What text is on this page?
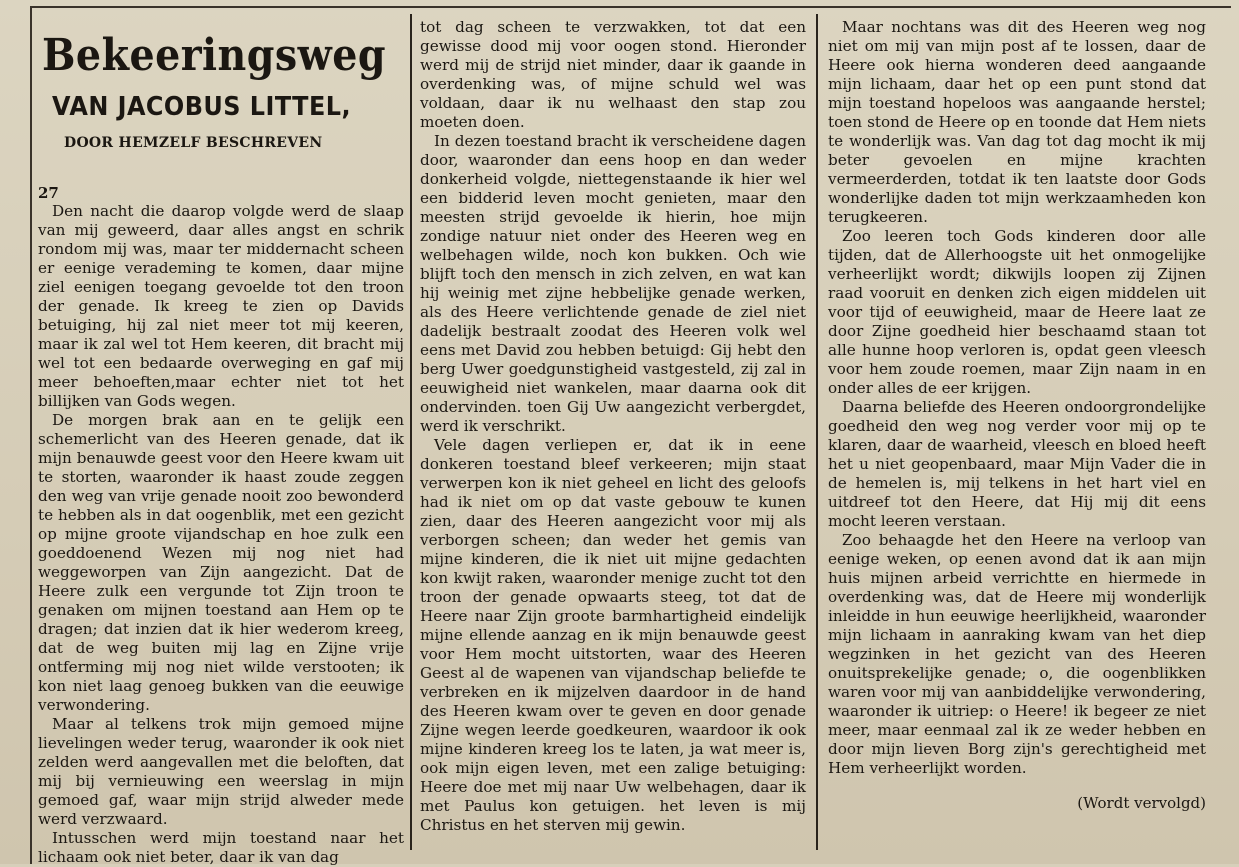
Bekeeringsweg
VAN JACOBUS LITTEL,
DOOR HEMZELF BESCHREVEN
27

Den nacht die daarop volgde werd de slaap van mij geweerd, daar alles angst en schrik rondom mij was, maar ter middernacht scheen er eenige verademing te komen, daar mijne ziel eenigen toegang gevoelde tot den troon der genade. Ik kreeg te zien op Davids betuiging, hij zal niet meer tot mij keeren, maar ik zal wel tot Hem keeren, dit bracht mij wel tot een bedaarde overweging en gaf mij meer behoeften,maar echter niet tot het billijken van Gods wegen.

De morgen brak aan en te gelijk een schemerlicht van des Heeren genade, dat ik mijn benauwde geest voor den Heere kwam uit te storten, waaronder ik haast zoude zeggen den weg van vrije genade nooit zoo bewonderd te hebben als in dat oogenblik, met een gezicht op mijne groote vijandschap en hoe zulk een goeddoenend Wezen mij nog niet had weggeworpen van Zijn aangezicht. Dat de Heere zulk een vergunde tot Zijn troon te genaken om mijnen toestand aan Hem op te dragen; dat inzien dat ik hier wederom kreeg, dat de weg buiten mij lag en Zijne vrije ontferming mij nog niet wilde verstooten; ik kon niet laag genoeg bukken van die eeuwige verwondering.

Maar al telkens trok mijn gemoed mijne lievelingen weder terug, waaronder ik ook niet zelden werd aangevallen met die beloften, dat mij bij vernieuwing een weerslag in mijn gemoed gaf, waar mijn strijd alweder mede werd verzwaard.

Intusschen werd mijn toestand naar het lichaam ook niet beter, daar ik van dag

tot dag scheen te verzwakken, tot dat een gewisse dood mij voor oogen stond. Hieronder werd mij de strijd niet minder, daar ik gaande in overdenking was, of mijne schuld wel was voldaan, daar ik nu welhaast den stap zou moeten doen.

In dezen toestand bracht ik verscheidene dagen door, waaronder dan eens hoop en dan weder donkerheid volgde, niettegenstaande ik hier wel een bidderid leven mocht genieten, maar den meesten strijd gevoelde ik hierin, hoe mijn zondige natuur niet onder des Heeren weg en welbehagen wilde, noch kon bukken. Och wie blijft toch den mensch in zich zelven, en wat kan hij weinig met zijne hebbelijke genade werken, als des Heere verlichtende genade de ziel niet dadelijk bestraalt zoodat des Heeren volk wel eens met David zou hebben betuigd: Gij hebt den berg Uwer goedgunstigheid vastgesteld, zij zal in eeuwigheid niet wankelen, maar daarna ook dit ondervinden. toen Gij Uw aangezicht verbergdet, werd ik verschrikt.

Vele dagen verliepen er, dat ik in eene donkeren toestand bleef verkeeren; mijn staat verwerpen kon ik niet geheel en licht des geloofs had ik niet om op dat vaste gebouw te kunen zien, daar des Heeren aangezicht voor mij als verborgen scheen; dan weder het gemis van mijne kinderen, die ik niet uit mijne gedachten kon kwijt raken, waaronder menige zucht tot den troon der genade opwaarts steeg, tot dat de Heere naar Zijn groote barmhartigheid eindelijk mijne ellende aanzag en ik mijn benauwde geest voor Hem mocht uitstorten, waar des Heeren Geest al de wapenen van vijandschap beliefde te verbreken en ik mijzelven daardoor in de hand des Heeren kwam over te geven en door genade Zijne wegen leerde goedkeuren, waardoor ik ook mijne kinderen kreeg los te laten, ja wat meer is, ook mijn eigen leven, met een zalige betuiging: Heere doe met mij naar Uw welbehagen, daar ik met Paulus kon getuigen. het leven is mij Christus en het sterven mij gewin.

Maar nochtans was dit des Heeren weg nog niet om mij van mijn post af te lossen, daar de Heere ook hierna wonderen deed aangaande mijn lichaam, daar het op een punt stond dat mijn toestand hopeloos was aangaande herstel; toen stond de Heere op en toonde dat Hem niets te wonderlijk was. Van dag tot dag mocht ik mij beter gevoelen en mijne krachten vermeerderden, totdat ik ten laatste door Gods wonderlijke daden tot mijn werkzaamheden kon terugkeeren.

Zoo leeren toch Gods kinderen door alle tijden, dat de Allerhoogste uit het onmogelijke verheerlijkt wordt; dikwijls loopen zij Zijnen raad vooruit en denken zich eigen middelen uit voor tijd of eeuwigheid, maar de Heere laat ze door Zijne goedheid hier beschaamd staan tot alle hunne hoop verloren is, opdat geen vleesch voor hem zoude roemen, maar Zijn naam in en onder alles de eer krijgen.

Daarna beliefde des Heeren ondoorgrondelijke goedheid den weg nog verder voor mij op te klaren, daar de waarheid, vleesch en bloed heeft het u niet geopenbaard, maar Mijn Vader die in de hemelen is, mij telkens in het hart viel en uitdreef tot den Heere, dat Hij mij dit eens mocht leeren verstaan.

Zoo behaagde het den Heere na verloop van eenige weken, op eenen avond dat ik aan mijn huis mijnen arbeid verrichtte en hiermede in overdenking was, dat de Heere mij wonderlijk inleidde in hun eeuwige heerlijkheid, waaronder mijn lichaam in aanraking kwam van het diep wegzinken in het gezicht van des Heeren onuitsprekelijke genade; o, die oogenblikken waren voor mij van aanbiddelijke verwondering, waaronder ik uitriep: o Heere! ik begeer ze niet meer, maar eenmaal zal ik ze weder hebben en door mijn lieven Borg zijn's gerechtigheid met Hem verheerlijkt worden.

(Wordt vervolgd)
